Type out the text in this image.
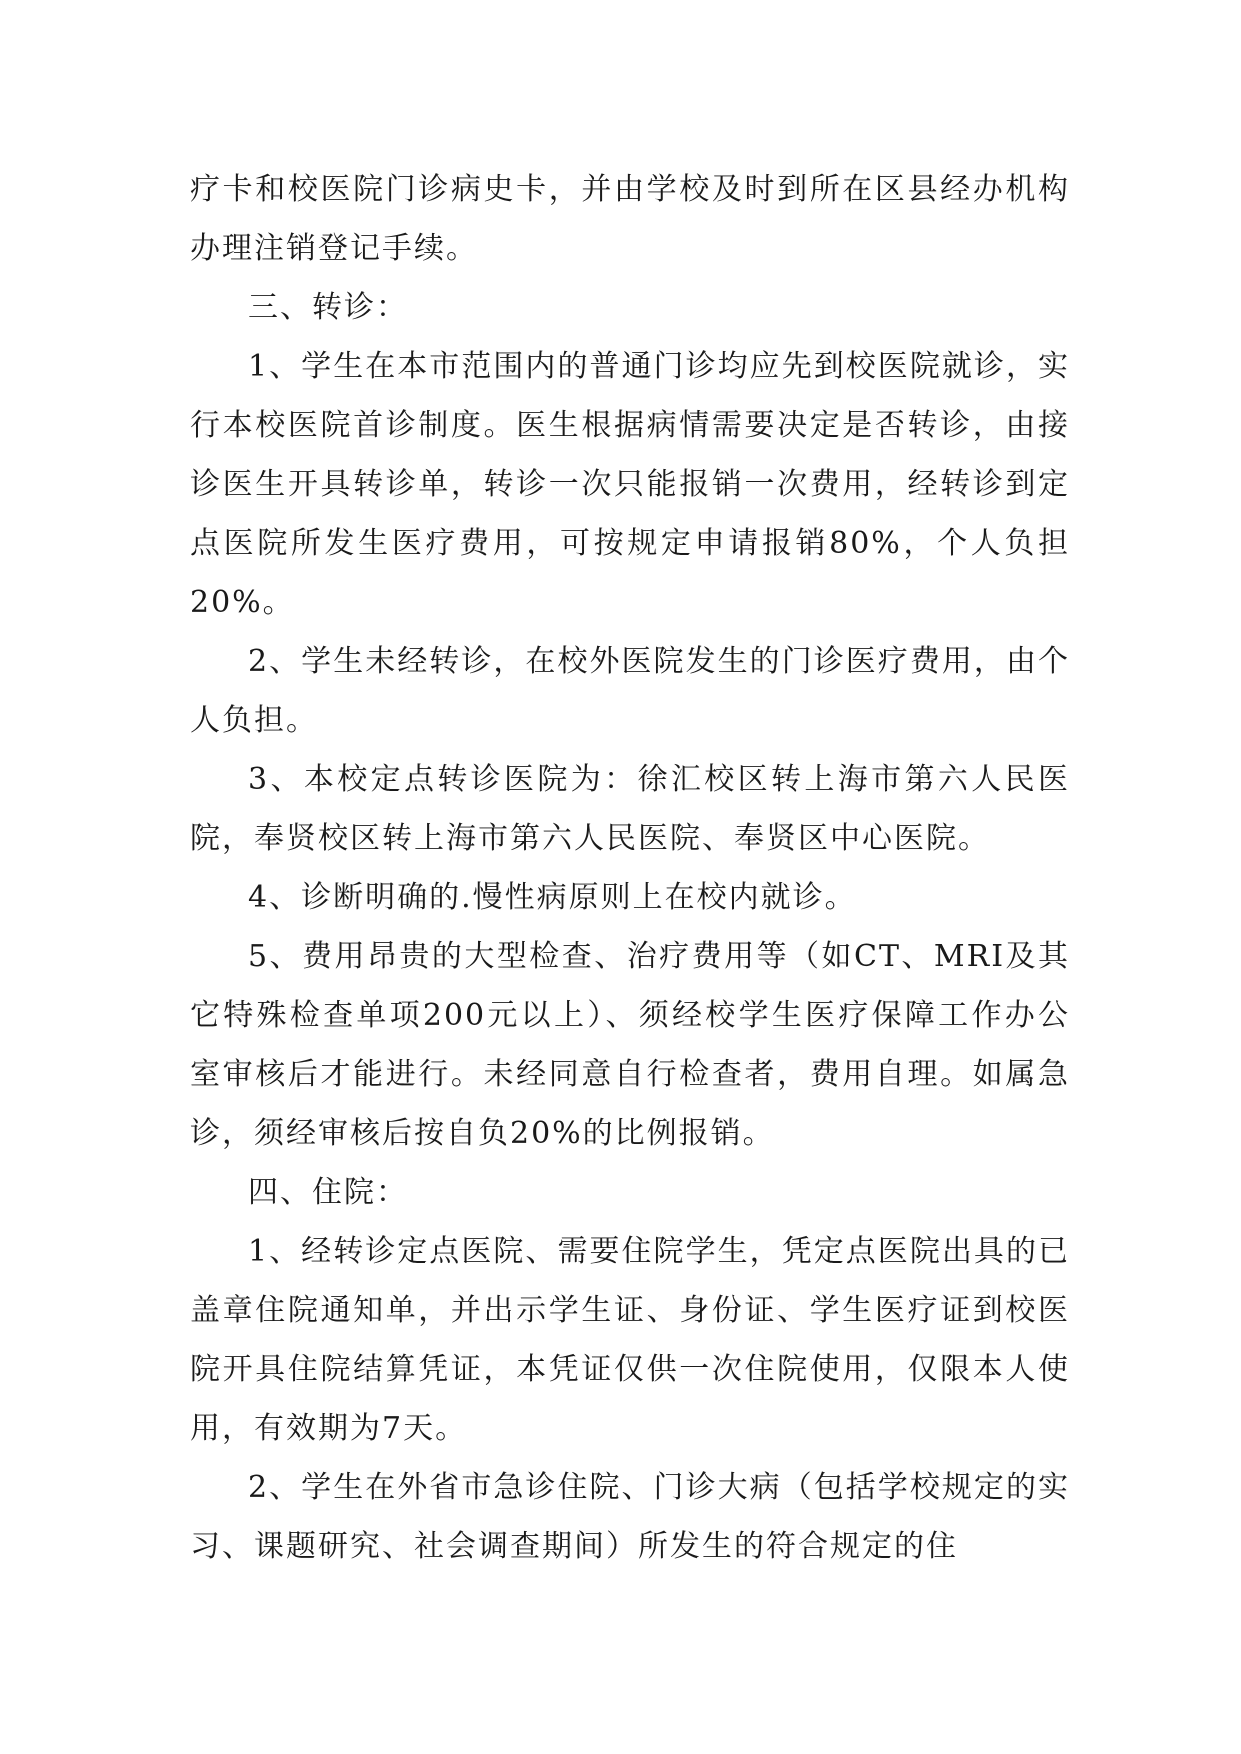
疗卡和校医院门诊病史卡，并由学校及时到所在区县经办机构办理注销登记手续。

三、转诊：

1、学生在本市范围内的普通门诊均应先到校医院就诊，实行本校医院首诊制度。医生根据病情需要决定是否转诊，由接诊医生开具转诊单，转诊一次只能报销一次费用，经转诊到定点医院所发生医疗费用，可按规定申请报销80%，个人负担20%。

2、学生未经转诊，在校外医院发生的门诊医疗费用，由个人负担。

3、本校定点转诊医院为：徐汇校区转上海市第六人民医院，奉贤校区转上海市第六人民医院、奉贤区中心医院。

4、诊断明确的.慢性病原则上在校内就诊。

5、费用昂贵的大型检查、治疗费用等（如CT、MRI及其它特殊检查单项200元以上）、须经校学生医疗保障工作办公室审核后才能进行。未经同意自行检查者，费用自理。如属急诊，须经审核后按自负20%的比例报销。

四、住院：

1、经转诊定点医院、需要住院学生，凭定点医院出具的已盖章住院通知单，并出示学生证、身份证、学生医疗证到校医院开具住院结算凭证，本凭证仅供一次住院使用，仅限本人使用，有效期为7天。

2、学生在外省市急诊住院、门诊大病（包括学校规定的实习、课题研究、社会调查期间）所发生的符合规定的住
